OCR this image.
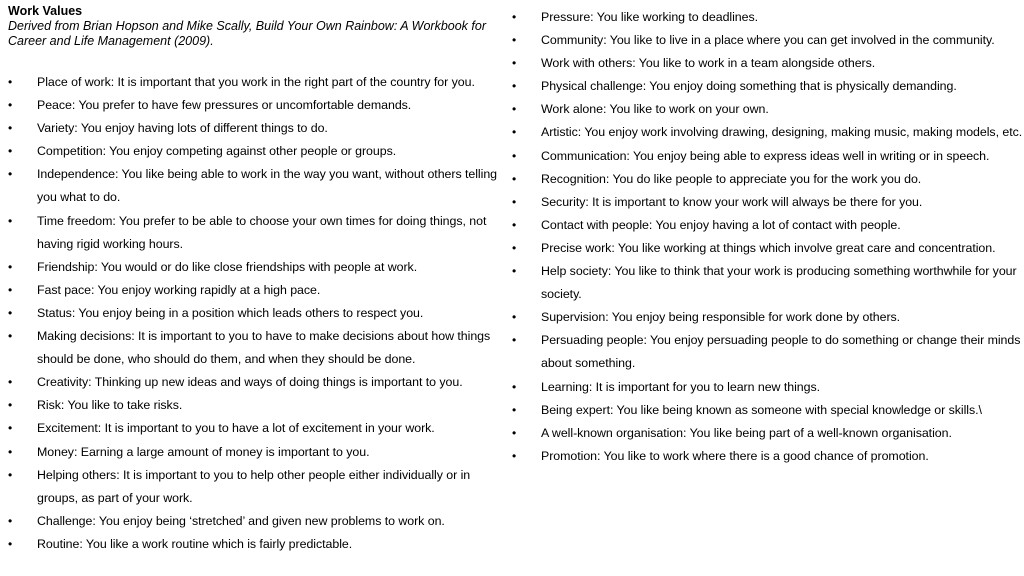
Work Values
Derived from Brian Hopson and Mike Scally, Build Your Own Rainbow: A Workbook for Career and Life Management (2009).
•
Place of work: It is important that you work in the right part of the country for you.
•
Peace: You prefer to have few pressures or uncomfortable demands.
•
Variety: You enjoy having lots of different things to do.
•
Competition: You enjoy competing against other people or groups.
•
Independence: You like being able to work in the way you want, without others telling you what to do.
•
Time freedom: You prefer to be able to choose your own times for doing things, not having rigid working hours.
•
Friendship: You would or do like close friendships with people at work.
•
Fast pace: You enjoy working rapidly at a high pace.
•
Status: You enjoy being in a position which leads others to respect you.
•
Making decisions: It is important to you to have to make decisions about how things should be done, who should do them, and when they should be done.
•
Creativity: Thinking up new ideas and ways of doing things is important to you.
•
Risk: You like to take risks.
•
Excitement: It is important to you to have a lot of excitement in your work.
•
Money: Earning a large amount of money is important to you.
•
Helping others: It is important to you to help other people either individually or in groups, as part of your work.
•
Challenge: You enjoy being ‘stretched’ and given new problems to work on.
•
Routine: You like a work routine which is fairly predictable.
•
Pressure: You like working to deadlines.
•
Community: You like to live in a place where you can get involved in the community.
•
Work with others: You like to work in a team alongside others.
•
Physical challenge: You enjoy doing something that is physically demanding.
•
Work alone: You like to work on your own.
•
Artistic: You enjoy work involving drawing, designing, making music, making models, etc.
•
Communication: You enjoy being able to express ideas well in writing or in speech.
•
Recognition: You do like people to appreciate you for the work you do.
•
Security: It is important to know your work will always be there for you.
•
Contact with people: You enjoy having a lot of contact with people.
•
Precise work: You like working at things which involve great care and concentration.
•
Help society: You like to think that your work is producing something worthwhile for your society.
•
Supervision: You enjoy being responsible for work done by others.
•
Persuading people: You enjoy persuading people to do something or change their minds about something.
•
Learning: It is important for you to learn new things.
•
Being expert: You like being known as someone with special knowledge or skills.\
•
A well-known organisation: You like being part of a well-known organisation.
•
Promotion: You like to work where there is a good chance of promotion.
